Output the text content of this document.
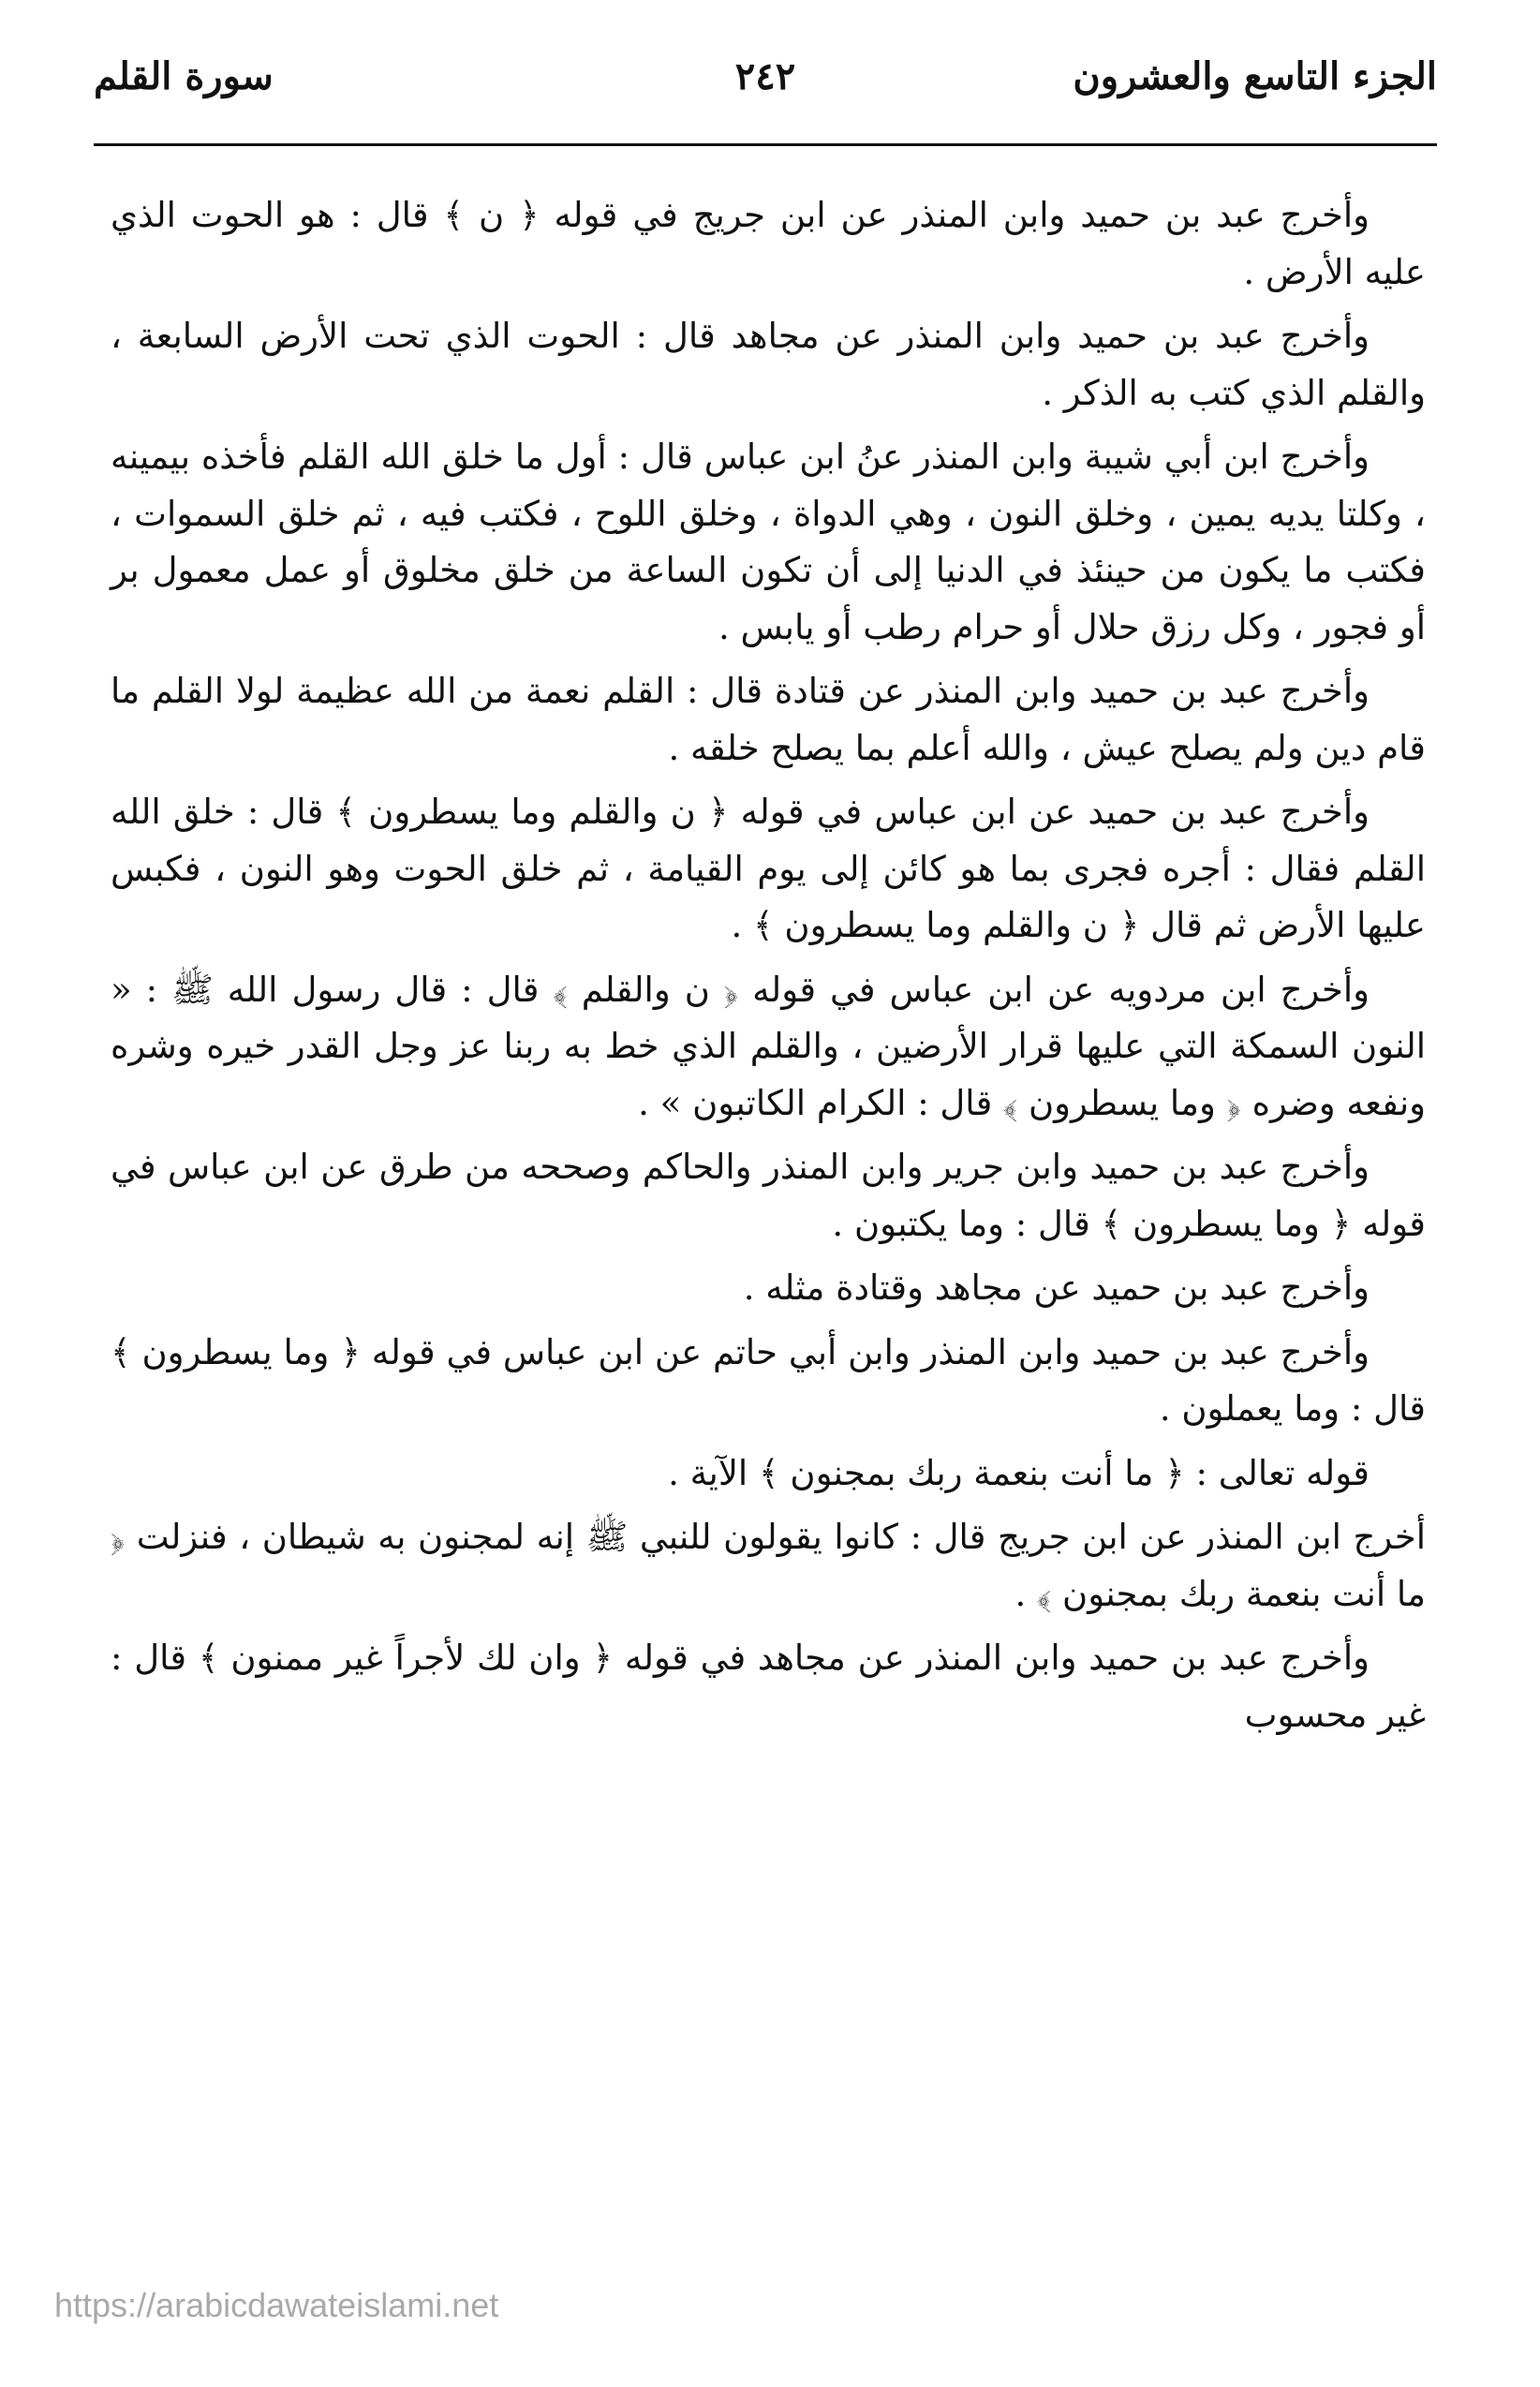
الجزء التاسع والعشرون
٢٤٢
سورة القلم

وأخرج عبد بن حميد وابن المنذر عن ابن جريج في قوله ﴿ ن ﴾ قال : هو الحوت الذي عليه الأرض .

وأخرج عبد بن حميد وابن المنذر عن مجاهد قال : الحوت الذي تحت الأرض السابعة ، والقلم الذي كتب به الذكر .

وأخرج ابن أبي شيبة وابن المنذر عنُ ابن عباس قال : أول ما خلق الله القلم فأخذه بيمينه ، وكلتا يديه يمين ، وخلق النون ، وهي الدواة ، وخلق اللوح ، فكتب فيه ، ثم خلق السموات ، فكتب ما يكون من حينئذ في الدنيا إلى أن تكون الساعة من خلق مخلوق أو عمل معمول بر أو فجور ، وكل رزق حلال أو حرام رطب أو يابس .

وأخرج عبد بن حميد وابن المنذر عن قتادة قال : القلم نعمة من الله عظيمة لولا القلم ما قام دين ولم يصلح عيش ، والله أعلم بما يصلح خلقه .

وأخرج عبد بن حميد عن ابن عباس في قوله ﴿ ن والقلم وما يسطرون ﴾ قال : خلق الله القلم فقال : أجره فجرى بما هو كائن إلى يوم القيامة ، ثم خلق الحوت وهو النون ، فكبس عليها الأرض ثم قال ﴿ ن والقلم وما يسطرون ﴾ .

وأخرج ابن مردويه عن ابن عباس في قوله ﴿ ن والقلم ﴾ قال : قال رسول الله ﷺ : « النون السمكة التي عليها قرار الأرضين ، والقلم الذي خط به ربنا عز وجل القدر خيره وشره ونفعه وضره ﴿ وما يسطرون ﴾ قال : الكرام الكاتبون » .

وأخرج عبد بن حميد وابن جرير وابن المنذر والحاكم وصححه من طرق عن ابن عباس في قوله ﴿ وما يسطرون ﴾ قال : وما يكتبون .

وأخرج عبد بن حميد عن مجاهد وقتادة مثله .

وأخرج عبد بن حميد وابن المنذر وابن أبي حاتم عن ابن عباس في قوله ﴿ وما يسطرون ﴾ قال : وما يعملون .

قوله تعالى : ﴿ ما أنت بنعمة ربك بمجنون ﴾ الآية .

أخرج ابن المنذر عن ابن جريج قال : كانوا يقولون للنبي ﷺ إنه لمجنون به شيطان ، فنزلت ﴿ ما أنت بنعمة ربك بمجنون ﴾ .

وأخرج عبد بن حميد وابن المنذر عن مجاهد في قوله ﴿ وان لك لأجراً غير ممنون ﴾ قال : غير محسوب

https://arabicdawateislami.net
